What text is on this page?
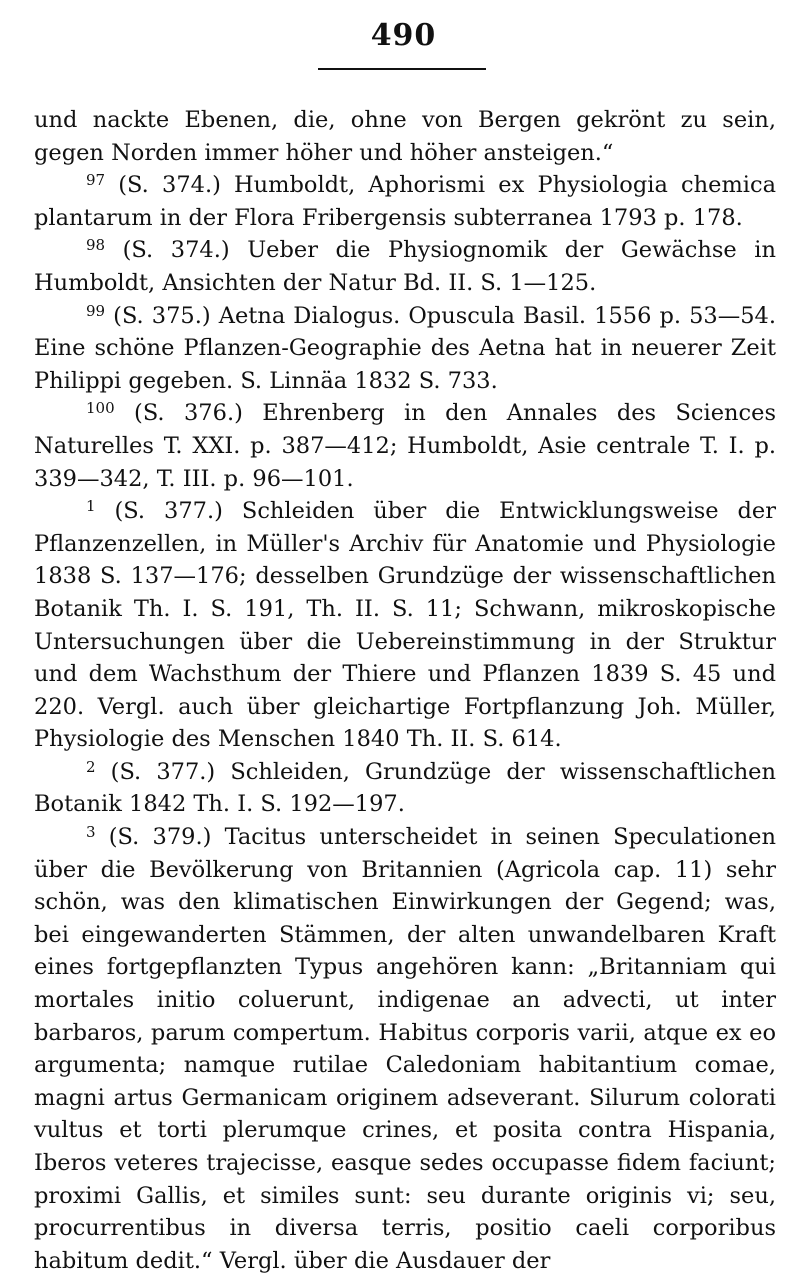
490

und nackte Ebenen, die, ohne von Bergen gekrönt zu sein, gegen Norden immer höher und höher ansteigen.“

$^{97}$ (S. 374.) Humboldt, Aphorismi ex Physiologia chemica plantarum in der Flora Fribergensis subterranea 1793 p. 178.

$^{98}$ (S. 374.) Ueber die Physiognomik der Gewächse in Humboldt, Ansichten der Natur Bd. II. S. 1—125.

$^{99}$ (S. 375.) Aetna Dialogus. Opuscula Basil. 1556 p. 53—54. Eine schöne Pflanzen-Geographie des Aetna hat in neuerer Zeit Philippi gegeben. S. Linnäa 1832 S. 733.

$^{100}$ (S. 376.) Ehrenberg in den Annales des Sciences Naturelles T. XXI. p. 387—412; Humboldt, Asie centrale T. I. p. 339—342, T. III. p. 96—101.

$^1$ (S. 377.) Schleiden über die Entwicklungsweise der Pflanzenzellen, in Müller's Archiv für Anatomie und Physiologie 1838 S. 137—176; desselben Grundzüge der wissenschaftlichen Botanik Th. I. S. 191, Th. II. S. 11; Schwann, mikroskopische Untersuchungen über die Uebereinstimmung in der Struktur und dem Wachsthum der Thiere und Pflanzen 1839 S. 45 und 220. Vergl. auch über gleichartige Fortpflanzung Joh. Müller, Physiologie des Menschen 1840 Th. II. S. 614.

$^2$ (S. 377.) Schleiden, Grundzüge der wissenschaftlichen Botanik 1842 Th. I. S. 192—197.

$^3$ (S. 379.) Tacitus unterscheidet in seinen Speculationen über die Bevölkerung von Britannien (Agricola cap. 11) sehr schön, was den klimatischen Einwirkungen der Gegend; was, bei eingewanderten Stämmen, der alten unwandelbaren Kraft eines fortgepflanzten Typus angehören kann: „Britanniam qui mortales initio coluerunt, indigenae an advecti, ut inter barbaros, parum compertum. Habitus corporis varii, atque ex eo argumenta; namque rutilae Caledoniam habitantium comae, magni artus Germanicam originem adseverant. Silurum colorati vultus et torti plerumque crines, et posita contra Hispania, Iberos veteres trajecisse, easque sedes occupasse fidem faciunt; proximi Gallis, et similes sunt: seu durante originis vi; seu, procurrentibus in diversa terris, positio caeli corporibus habitum dedit.“ Vergl. über die Ausdauer der
